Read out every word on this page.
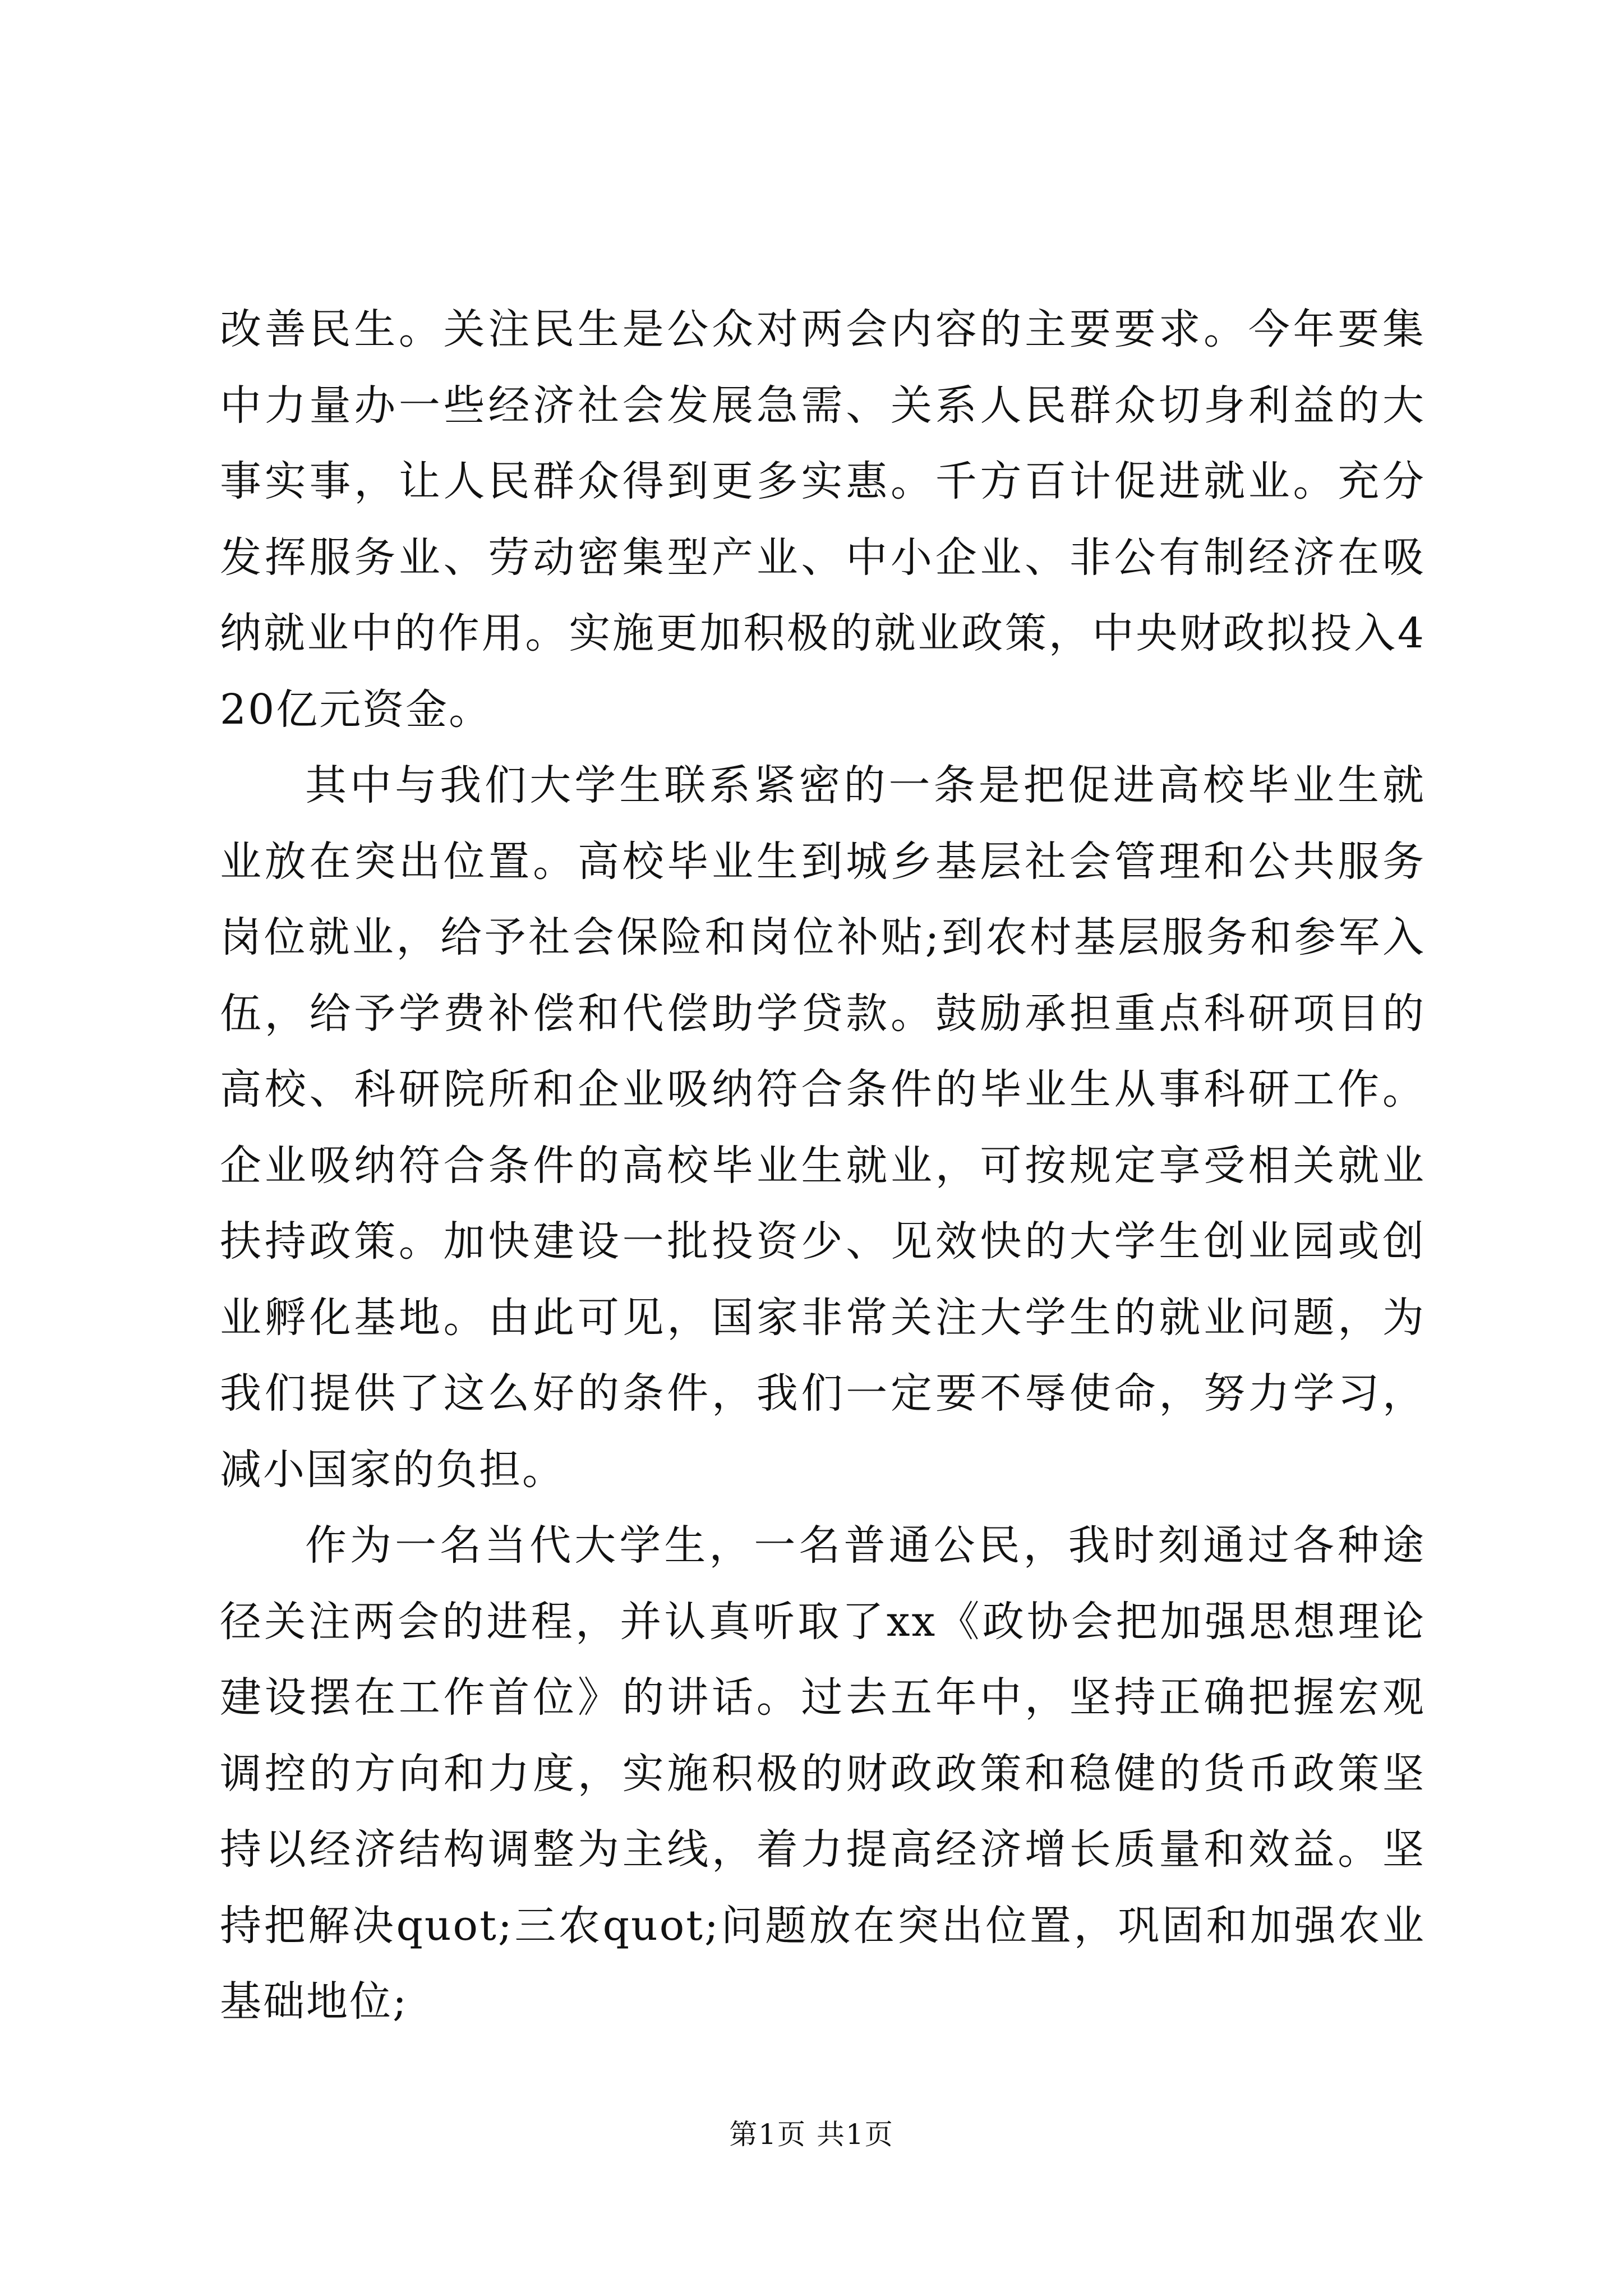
改善民生。关注民生是公众对两会内容的主要要求。今年要集中力量办一些经济社会发展急需、关系人民群众切身利益的大事实事，让人民群众得到更多实惠。千方百计促进就业。充分发挥服务业、劳动密集型产业、中小企业、非公有制经济在吸纳就业中的作用。实施更加积极的就业政策，中央财政拟投入420亿元资金。

其中与我们大学生联系紧密的一条是把促进高校毕业生就业放在突出位置。高校毕业生到城乡基层社会管理和公共服务岗位就业，给予社会保险和岗位补贴;到农村基层服务和参军入伍，给予学费补偿和代偿助学贷款。鼓励承担重点科研项目的高校、科研院所和企业吸纳符合条件的毕业生从事科研工作。企业吸纳符合条件的高校毕业生就业，可按规定享受相关就业扶持政策。加快建设一批投资少、见效快的大学生创业园或创业孵化基地。由此可见，国家非常关注大学生的就业问题，为我们提供了这么好的条件，我们一定要不辱使命，努力学习，减小国家的负担。

作为一名当代大学生，一名普通公民，我时刻通过各种途径关注两会的进程，并认真听取了xx《政协会把加强思想理论建设摆在工作首位》的讲话。过去五年中，坚持正确把握宏观调控的方向和力度，实施积极的财政政策和稳健的货币政策坚持以经济结构调整为主线，着力提高经济增长质量和效益。坚持把解决quot;三农quot;问题放在突出位置，巩固和加强农业基础地位;

第1页 共1页
